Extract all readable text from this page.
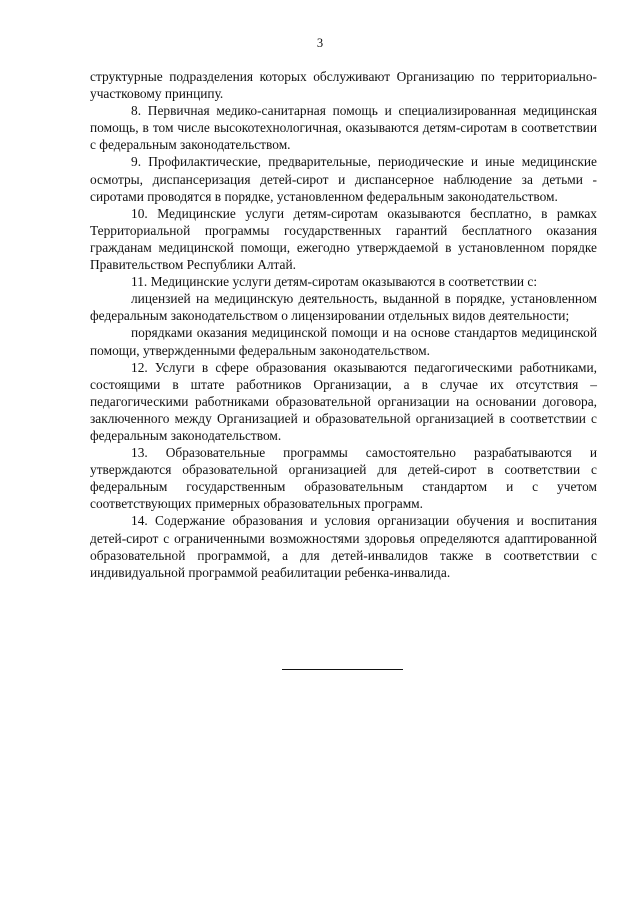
3

структурные подразделения которых обслуживают Организацию по территориально-участковому принципу.

8. Первичная медико-санитарная помощь и специализированная медицинская помощь, в том числе высокотехнологичная, оказываются детям-сиротам в соответствии с федеральным законодательством.

9. Профилактические, предварительные, периодические и иные медицинские осмотры, диспансеризация детей-сирот и диспансерное наблюдение за детьми - сиротами проводятся в порядке, установленном федеральным законодательством.

10. Медицинские услуги детям-сиротам оказываются бесплатно, в рамках Территориальной программы государственных гарантий бесплатного оказания гражданам медицинской помощи, ежегодно утверждаемой в установленном порядке Правительством Республики Алтай.

11. Медицинские услуги детям-сиротам оказываются в соответствии с:

лицензией на медицинскую деятельность, выданной в порядке, установленном федеральным законодательством о лицензировании отдельных видов деятельности;

порядками оказания медицинской помощи и на основе стандартов медицинской помощи, утвержденными федеральным законодательством.

12. Услуги в сфере образования оказываются педагогическими работниками, состоящими в штате работников Организации, а в случае их отсутствия – педагогическими работниками образовательной организации на основании договора, заключенного между Организацией и образовательной организацией в соответствии с федеральным законодательством.

13. Образовательные программы самостоятельно разрабатываются и утверждаются образовательной организацией для детей-сирот в соответствии с федеральным государственным образовательным стандартом и с учетом соответствующих примерных образовательных программ.

14. Содержание образования и условия организации обучения и воспитания детей-сирот с ограниченными возможностями здоровья определяются адаптированной образовательной программой, а для детей-инвалидов также в соответствии с индивидуальной программой реабилитации ребенка-инвалида.
